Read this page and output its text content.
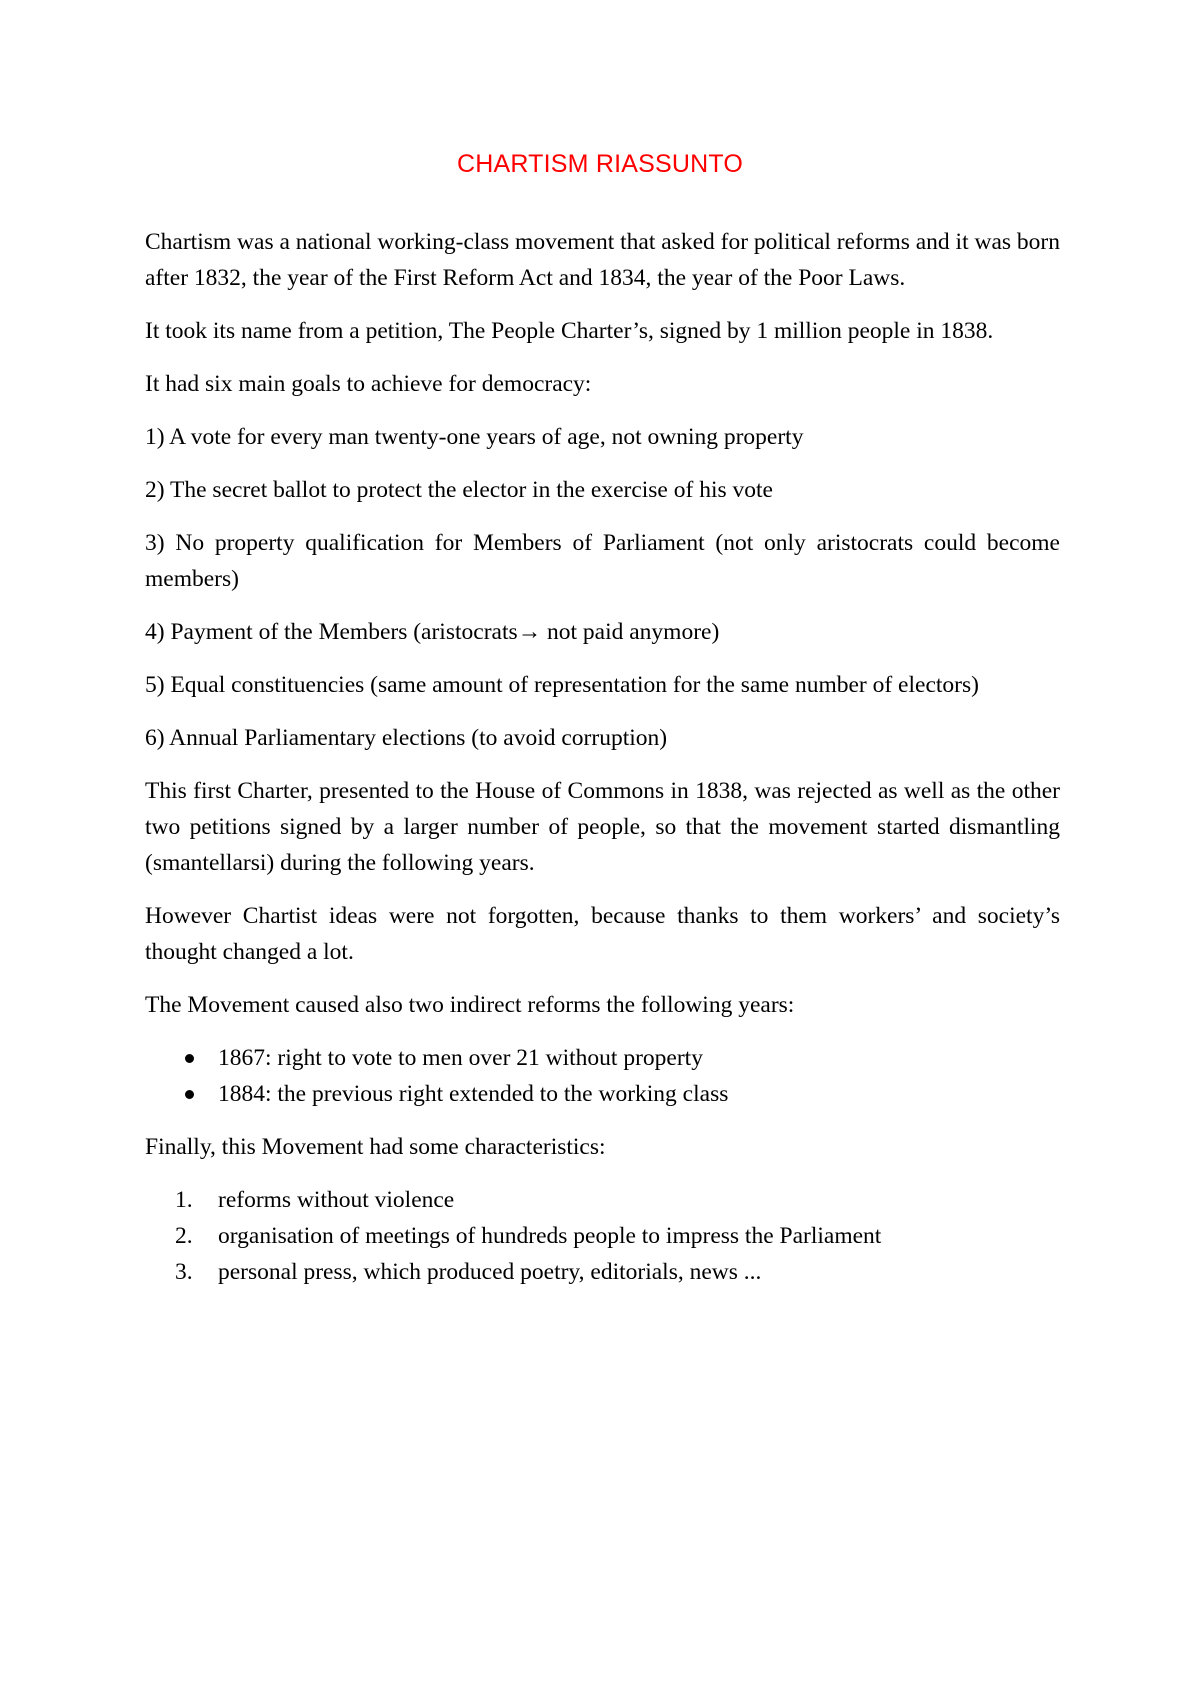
CHARTISM RIASSUNTO

Chartism was a national working-class movement that asked for political reforms and it was born after 1832, the year of the First Reform Act and 1834, the year of the Poor Laws.

It took its name from a petition, The People Charter’s, signed by 1 million people in 1838.

It had six main goals to achieve for democracy:

1) A vote for every man twenty-one years of age, not owning property

2) The secret ballot to protect the elector in the exercise of his vote

3) No property qualification for Members of Parliament (not only aristocrats could become members)

4) Payment of the Members (aristocrats→ not paid anymore)

5) Equal constituencies (same amount of representation for the same number of electors)

6) Annual Parliamentary elections (to avoid corruption)

This first Charter, presented to the House of Commons in 1838, was rejected as well as the other two petitions signed by a larger number of people, so that the movement started dismantling (smantellarsi) during the following years.

However Chartist ideas were not forgotten, because thanks to them workers’ and society’s thought changed a lot.

The Movement caused also two indirect reforms the following years:

1867: right to vote to men over 21 without property
1884: the previous right extended to the working class

Finally, this Movement had some characteristics:

1. reforms without violence
2. organisation of meetings of hundreds people to impress the Parliament
3. personal press, which produced poetry, editorials, news ...
